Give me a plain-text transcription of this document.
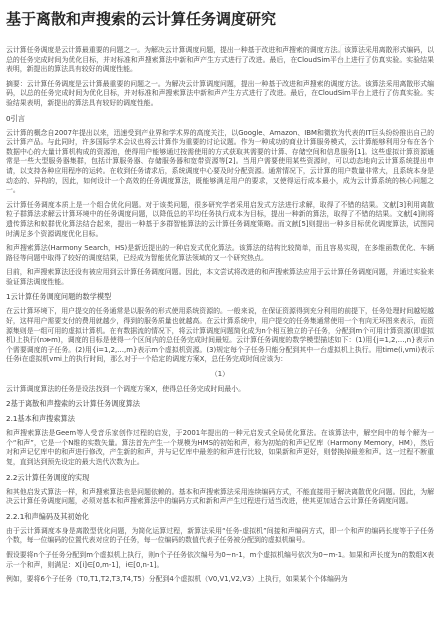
基于离散和声搜索的云计算任务调度研究
云计算任务调度是云计算最重要的问题之一。为解决云计算调度问题，提出一种基于改进和声搜索的调度方法。该算法采用离散形式编码，以总的任务完成时间为优化目标，并对标准和声搜索算法中新和声产生方式进行了改进。最后，在CloudSim平台上进行了仿真实验。实验结果表明，新提出的算法具有较好的调度性能。
摘要：云计算任务调度是云计算最重要的问题之一。为解决云计算调度问题，提出一种基于改进和声搜索的调度方法。该算法采用离散形式编码，以总的任务完成时间为优化目标，并对标准和声搜索算法中新和声产生方式进行了改进。最后，在CloudSim平台上进行了仿真实验。实验结果表明，新提出的算法具有较好的调度性能。
0引言
云计算的概念自2007年提出以来，迅速受到产业界和学术界的高度关注，以Google、Amazon、IBM和微软为代表的IT巨头纷纷推出自己的云计算产品。与此同时，许多国际学术会议也将云计算作为重要的讨论议题。作为一种成功的商业计算服务模式，云计算能够利用分布在各个数据中心的大量计算机构成的资源池，使得用户能够通过按需使用的方式获取其需要的计算、存储空间和信息服务[1]。这些虚拟计算资源通常是一些大型服务器集群，包括计算服务器、存储服务器和宽带资源等[2]。当用户需要使用某些资源时，可以动态地向云计算系统提出申请，以支持各种应用程序的运转。在收到任务请求后，系统调度中心要及时分配资源。通常情况下，云计算的用户数量非常大，且系统本身是动态的、异构的，因此，如何设计一个高效的任务调度算法，既能够满足用户的要求，又使得运行成本最小，成为云计算系统的核心问题之一。
云计算任务调度本质上是一个组合优化问题。对于该类问题，很多研究学者采用启发式方法进行求解，取得了不错的结果。文献[3]利用离散粒子群算法求解云计算环境中的任务调度问题，以降低总的平均任务执行成本为目标，提出一种新的算法，取得了不错的结果。文献[4]则将遗传算法和蚁群优化算法结合起来，提出一种基于多群智能算法的云计算任务调度策略。而文献[5]则提出一种多目标优化调度算法，试图同时满足多个资源调度优化目标。
和声搜索算法(Harmony Search，HS)是新近提出的一种启发式优化算法。该算法的结构比较简单，而且容易实现，在多维函数优化、车辆路径等问题中取得了较好的调度结果，已经成为智能优化算法领域的又一个研究热点。
目前，和声搜索算法还没有被应用到云计算任务调度问题。因此，本文尝试将改进的和声搜索算法应用于云计算任务调度问题，并通过实验来验证算法调度性能。
1云计算任务调度问题的数学模型
在云计算环境下，用户提交的任务通常是以服务的形式使用系统资源的。一般来说，在保证资源得到充分利用的前提下，任务处理时间越短越好，这样用户需要支付的费用就越少，得到的服务质量也就越高。在云计算系统中，用户提交的任务集通常使用一个有向无环图来表示，而资源集则是一组可用的虚拟计算机。在有数据流的情况下，将云计算调度问题简化成为n个相互独立的子任务，分配到m个可用计算资源(即虚拟机)上执行(n≫m)，调度的目标是使得一个区间内的总任务完成时间最短。云计算任务调度的数学模型描述如下：(1)用{j=1,2,…,n}表示n个需要调度的子任务。(2)用{i=1,2,…,m}表示m个虚拟机资源。(3)规定每个子任务只能分配到其中一台虚拟机上执行。用time(i,vmi)表示任务i在虚拟机vmi上的执行时间，那么对于一个给定的调度方案X，总任务完成时间应该为：
（1）
云计算调度算法的任务是设法找到一个调度方案X，使得总任务完成时间最小。
2基于离散和声搜索的云计算任务调度算法
2.1基本和声搜索算法
和声搜索算法是Geem等人受音乐家创作过程的启发，于2001年提出的一种元启发式全局优化算法。在该算法中，解空间中的每个解为一个“和声”，它是一个N维的实数矢量。算法首先产生一个规模为HMS的初始和声，称为初始的和声记忆库（Harmony Memory，HM），然后对和声记忆库中的和声进行修改，产生新的和声，并与记忆库中最差的和声进行比较，如果新和声更好，则替换掉最差和声。这一过程不断重复，直到达到预先设定的最大迭代次数为止。
2.2云计算任务调度的实现
和其他启发式算法一样，和声搜索算法也是问题依赖的。基本和声搜索算法采用连续编码方式，不能直接用于解决离散优化问题。因此，为解决云计算任务调度问题，必须对基本和声搜索算法中的编码方式和新和声产生过程进行适当改进，使其更加适合云计算任务调度问题。
2.2.1和声编码及其初始化
由于云计算调度本身是离散型优化问题，为简化运算过程，新算法采用“任务-虚拟机”间接和声编码方式，即一个和声的编码长度等于子任务个数，每一位编码的位置代表对应的子任务，每一位编码的数值代表子任务被分配到的虚拟机编号。
假设要将n个子任务分配到m个虚拟机上执行，则n个子任务依次编号为0~n-1，m个虚拟机编号依次为0~m-1。如果和声长度为n的数组X表示一个和声，则满足：X[i]∈[0,m-1]，i∈[0,n-1]。
例如，要将6个子任务（T0,T1,T2,T3,T4,T5）分配到4个虚拟机（V0,V1,V2,V3）上执行，如果某个个体编码为
